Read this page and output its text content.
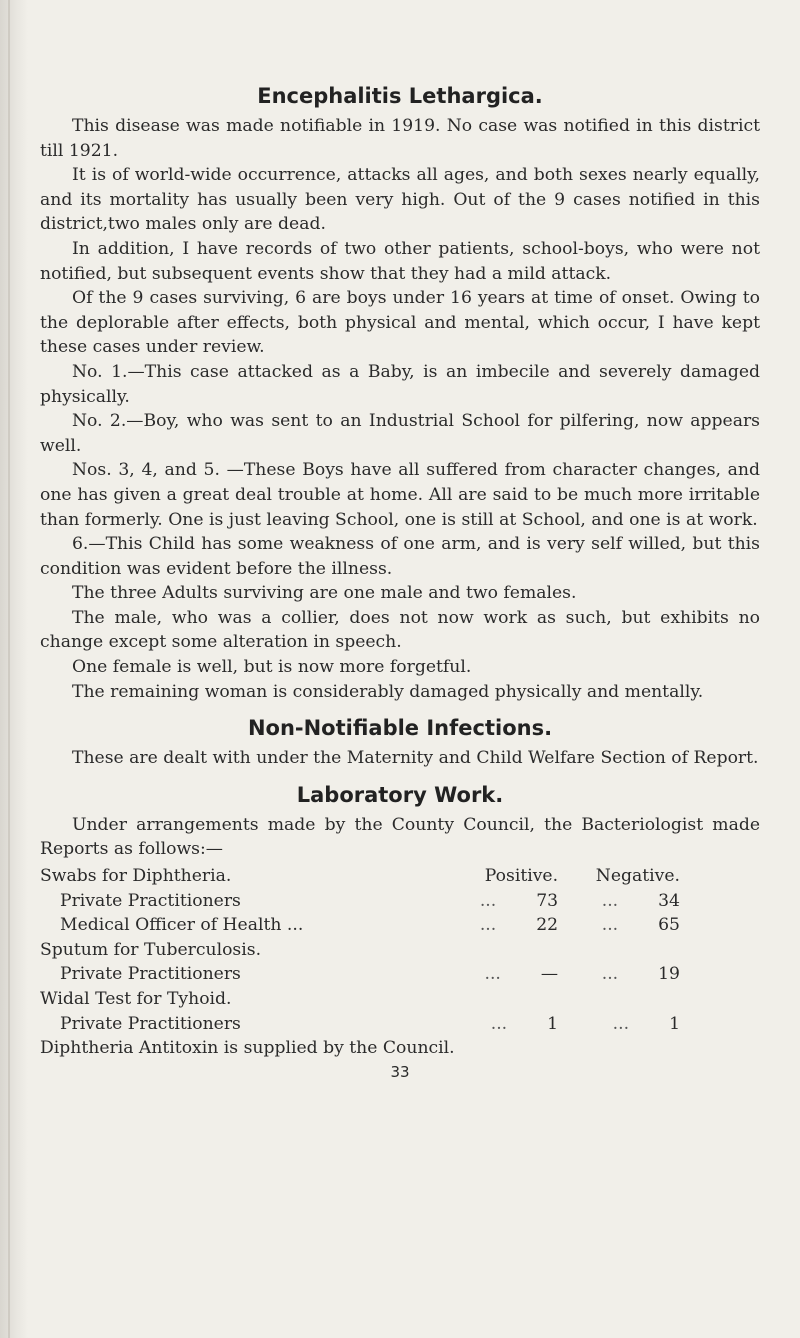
Encephalitis Lethargica.

This disease was made notifiable in 1919. No case was notified in this district till 1921.

It is of world-wide occurrence, attacks all ages, and both sexes nearly equally, and its mortality has usually been very high. Out of the 9 cases notified in this district,two males only are dead.

In addition, I have records of two other patients, school-boys, who were not notified, but subsequent events show that they had a mild attack.

Of the 9 cases surviving, 6 are boys under 16 years at time of onset. Owing to the deplorable after effects, both physical and mental, which occur, I have kept these cases under review.

No. 1.—This case attacked as a Baby, is an imbecile and severely damaged physically.

No. 2.—Boy, who was sent to an Industrial School for pilfering, now appears well.

Nos. 3, 4, and 5. —These Boys have all suffered from character changes, and one has given a great deal trouble at home. All are said to be much more irritable than formerly. One is just leaving School, one is still at School, and one is at work.

6.—This Child has some weakness of one arm, and is very self willed, but this condition was evident before the illness.

The three Adults surviving are one male and two females.

The male, who was a collier, does not now work as such, but exhibits no change except some alteration in speech.

One female is well, but is now more forgetful.

The remaining woman is considerably damaged physically and mentally.

Non-Notifiable Infections.

These are dealt with under the Maternity and Child Welfare Section of Report.

Laboratory Work.

Under arrangements made by the County Council, the Bacteriologist made Reports as follows:—

Swabs for Diphtheria.	Positive.	Negative.
Private Practitioners	... 73	... 34
Medical Officer of Health ...	... 22	... 65
Sputum for Tuberculosis.		
Private Practitioners	... —	... 19
Widal Test for Tyhoid.		
Private Practitioners	... 1	... 1

Diphtheria Antitoxin is supplied by the Council.

33
